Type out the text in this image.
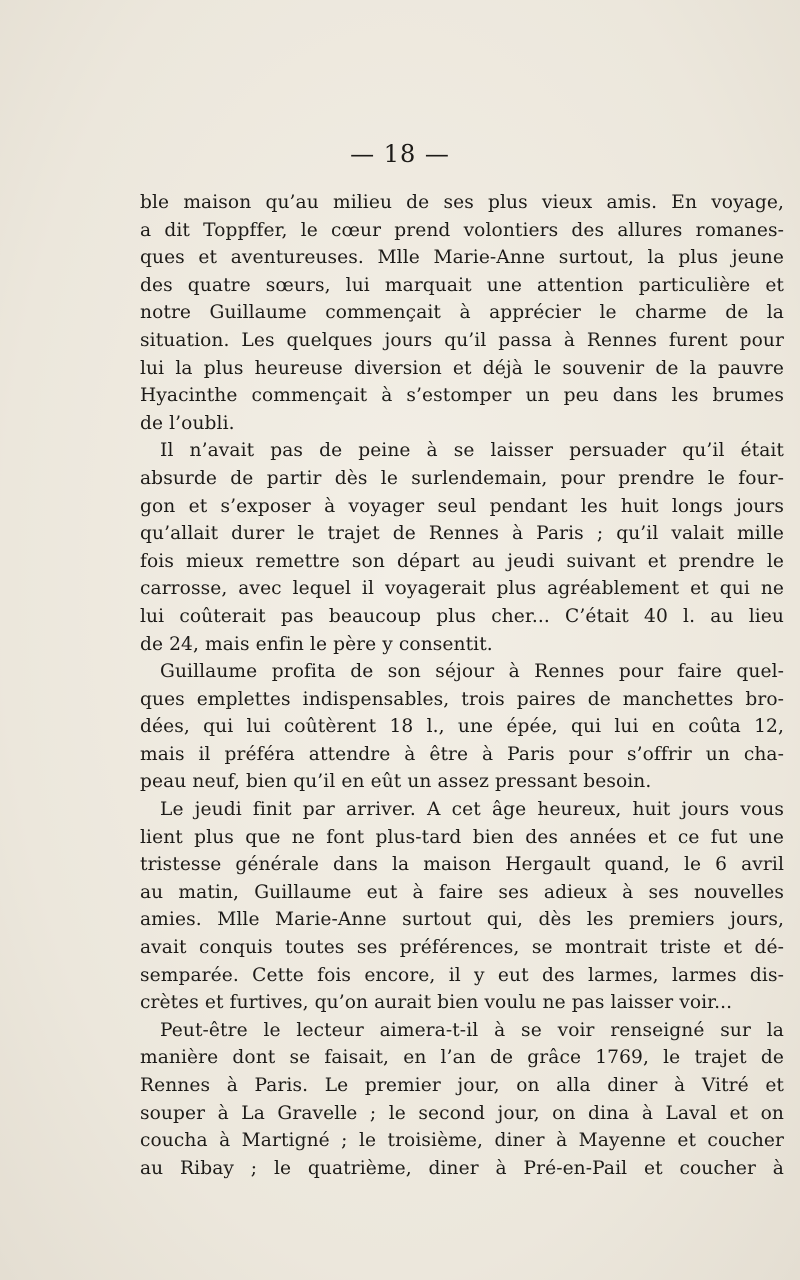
— 18 —
ble maison qu’au milieu de ses plus vieux amis. En voyage,
a dit Toppffer, le cœur prend volontiers des allures romanes-
ques et aventureuses. Mlle Marie-Anne surtout, la plus jeune
des quatre sœurs, lui marquait une attention particulière et
notre Guillaume commençait à apprécier le charme de la
situation. Les quelques jours qu’il passa à Rennes furent pour
lui la plus heureuse diversion et déjà le souvenir de la pauvre
Hyacinthe commençait à s’estomper un peu dans les brumes
de l’oubli.
Il n’avait pas de peine à se laisser persuader qu’il était
absurde de partir dès le surlendemain, pour prendre le four-
gon et s’exposer à voyager seul pendant les huit longs jours
qu’allait durer le trajet de Rennes à Paris ; qu’il valait mille
fois mieux remettre son départ au jeudi suivant et prendre le
carrosse, avec lequel il voyagerait plus agréablement et qui ne
lui coûterait pas beaucoup plus cher... C’était 40 l. au lieu
de 24, mais enfin le père y consentit.
Guillaume profita de son séjour à Rennes pour faire quel-
ques emplettes indispensables, trois paires de manchettes bro-
dées, qui lui coûtèrent 18 l., une épée, qui lui en coûta 12,
mais il préféra attendre à être à Paris pour s’offrir un cha-
peau neuf, bien qu’il en eût un assez pressant besoin.
Le jeudi finit par arriver. A cet âge heureux, huit jours vous
lient plus que ne font plus-tard bien des années et ce fut une
tristesse générale dans la maison Hergault quand, le 6 avril
au matin, Guillaume eut à faire ses adieux à ses nouvelles
amies. Mlle Marie-Anne surtout qui, dès les premiers jours,
avait conquis toutes ses préférences, se montrait triste et dé-
semparée. Cette fois encore, il y eut des larmes, larmes dis-
crètes et furtives, qu’on aurait bien voulu ne pas laisser voir...
Peut-être le lecteur aimera-t-il à se voir renseigné sur la
manière dont se faisait, en l’an de grâce 1769, le trajet de
Rennes à Paris. Le premier jour, on alla diner à Vitré et
souper à La Gravelle ; le second jour, on dina à Laval et on
coucha à Martigné ; le troisième, diner à Mayenne et coucher
au Ribay ; le quatrième, diner à Pré-en-Pail et coucher à
